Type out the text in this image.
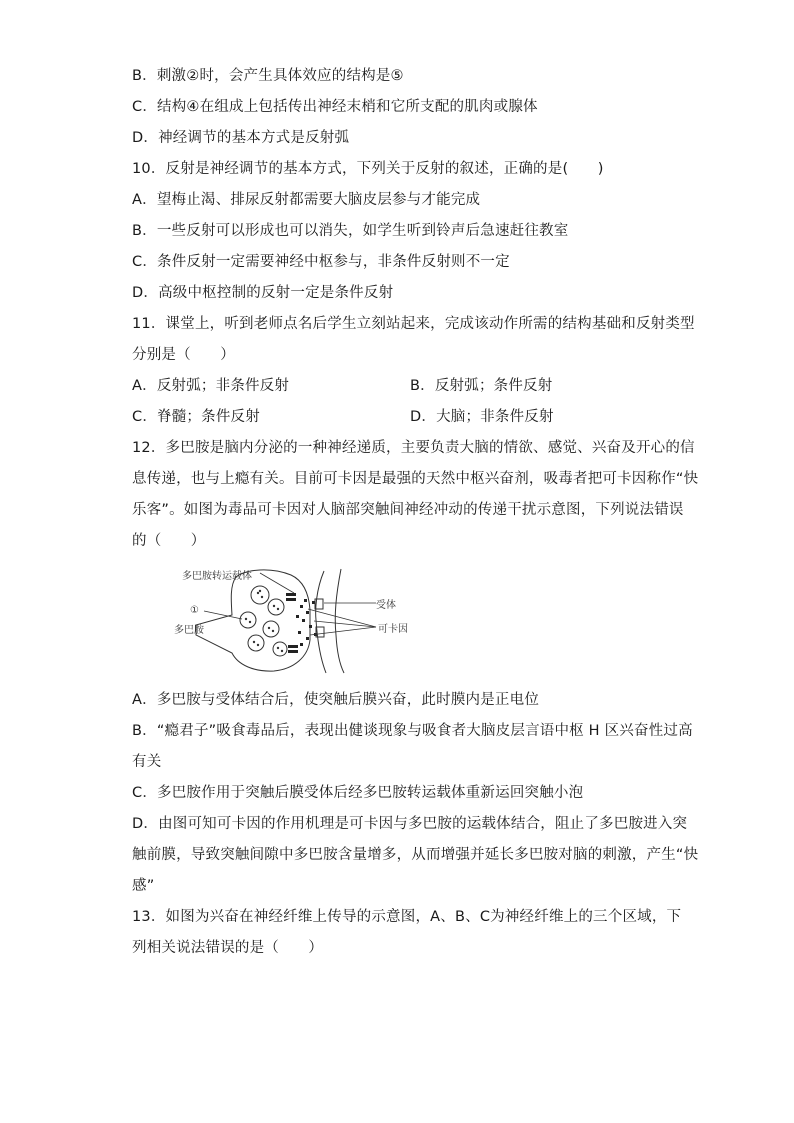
B．刺激②时，会产生具体效应的结构是⑤
C．结构④在组成上包括传出神经末梢和它所支配的肌肉或腺体
D．神经调节的基本方式是反射弧
10．反射是神经调节的基本方式，下列关于反射的叙述，正确的是(　　)
A．望梅止渴、排尿反射都需要大脑皮层参与才能完成
B．一些反射可以形成也可以消失，如学生听到铃声后急速赶往教室
C．条件反射一定需要神经中枢参与，非条件反射则不一定
D．高级中枢控制的反射一定是条件反射
11．课堂上，听到老师点名后学生立刻站起来，完成该动作所需的结构基础和反射类型
分别是（　　）
A．反射弧；非条件反射	B．反射弧；条件反射
C．脊髓；条件反射	D．大脑；非条件反射
12．多巴胺是脑内分泌的一种神经递质，主要负责大脑的情欲、感觉、兴奋及开心的信
息传递，也与上瘾有关。目前可卡因是最强的天然中枢兴奋剂，吸毒者把可卡因称作“快
乐客”。如图为毒品可卡因对人脑部突触间神经冲动的传递干扰示意图，下列说法错误
的（　　）
多巴胺转运载体
①
多巴胺
受体
可卡因
A．多巴胺与受体结合后，使突触后膜兴奋，此时膜内是正电位
B．“瘾君子”吸食毒品后，表现出健谈现象与吸食者大脑皮层言语中枢 H 区兴奋性过高
有关
C．多巴胺作用于突触后膜受体后经多巴胺转运载体重新运回突触小泡
D．由图可知可卡因的作用机理是可卡因与多巴胺的运载体结合，阻止了多巴胺进入突
触前膜，导致突触间隙中多巴胺含量增多，从而增强并延长多巴胺对脑的刺激，产生“快
感”
13．如图为兴奋在神经纤维上传导的示意图，A、B、C为神经纤维上的三个区域，下
列相关说法错误的是（　　）
